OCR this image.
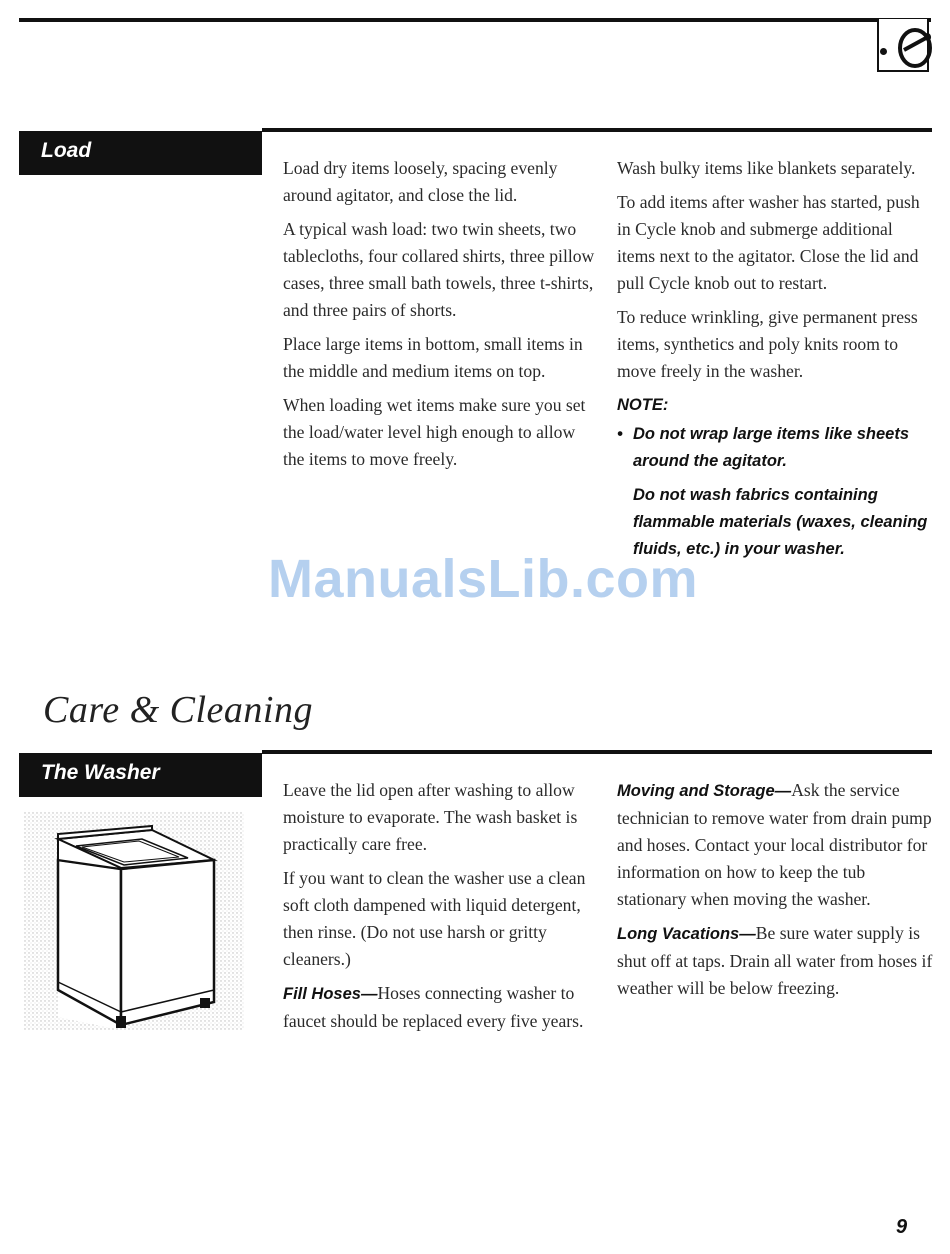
Load

Load dry items loosely, spacing evenly around agitator, and close the lid.

A typical wash load: two twin sheets, two tablecloths, four collared shirts, three pillow cases, three small bath towels, three t-shirts, and three pairs of shorts.

Place large items in bottom, small items in the middle and medium items on top.

When loading wet items make sure you set the load/water level high enough to allow the items to move freely.

Wash bulky items like blankets separately.

To add items after washer has started, push in Cycle knob and submerge additional items next to the agitator. Close the lid and pull Cycle knob out to restart.

To reduce wrinkling, give permanent press items, synthetics and poly knits room to move freely in the washer.

NOTE:
• Do not wrap large items like sheets around the agitator.
Do not wash fabrics containing flammable materials (waxes, cleaning fluids, etc.) in your washer.
ManualsLib.com
Care & Cleaning
The Washer

Leave the lid open after washing to allow moisture to evaporate. The wash basket is practically care free.

If you want to clean the washer use a clean soft cloth dampened with liquid detergent, then rinse. (Do not use harsh or gritty cleaners.)

Fill Hoses—Hoses connecting washer to faucet should be replaced every five years.

Moving and Storage—Ask the service technician to remove water from drain pump and hoses. Contact your local distributor for information on how to keep the tub stationary when moving the washer.

Long Vacations—Be sure water supply is shut off at taps. Drain all water from hoses if weather will be below freezing.

9
